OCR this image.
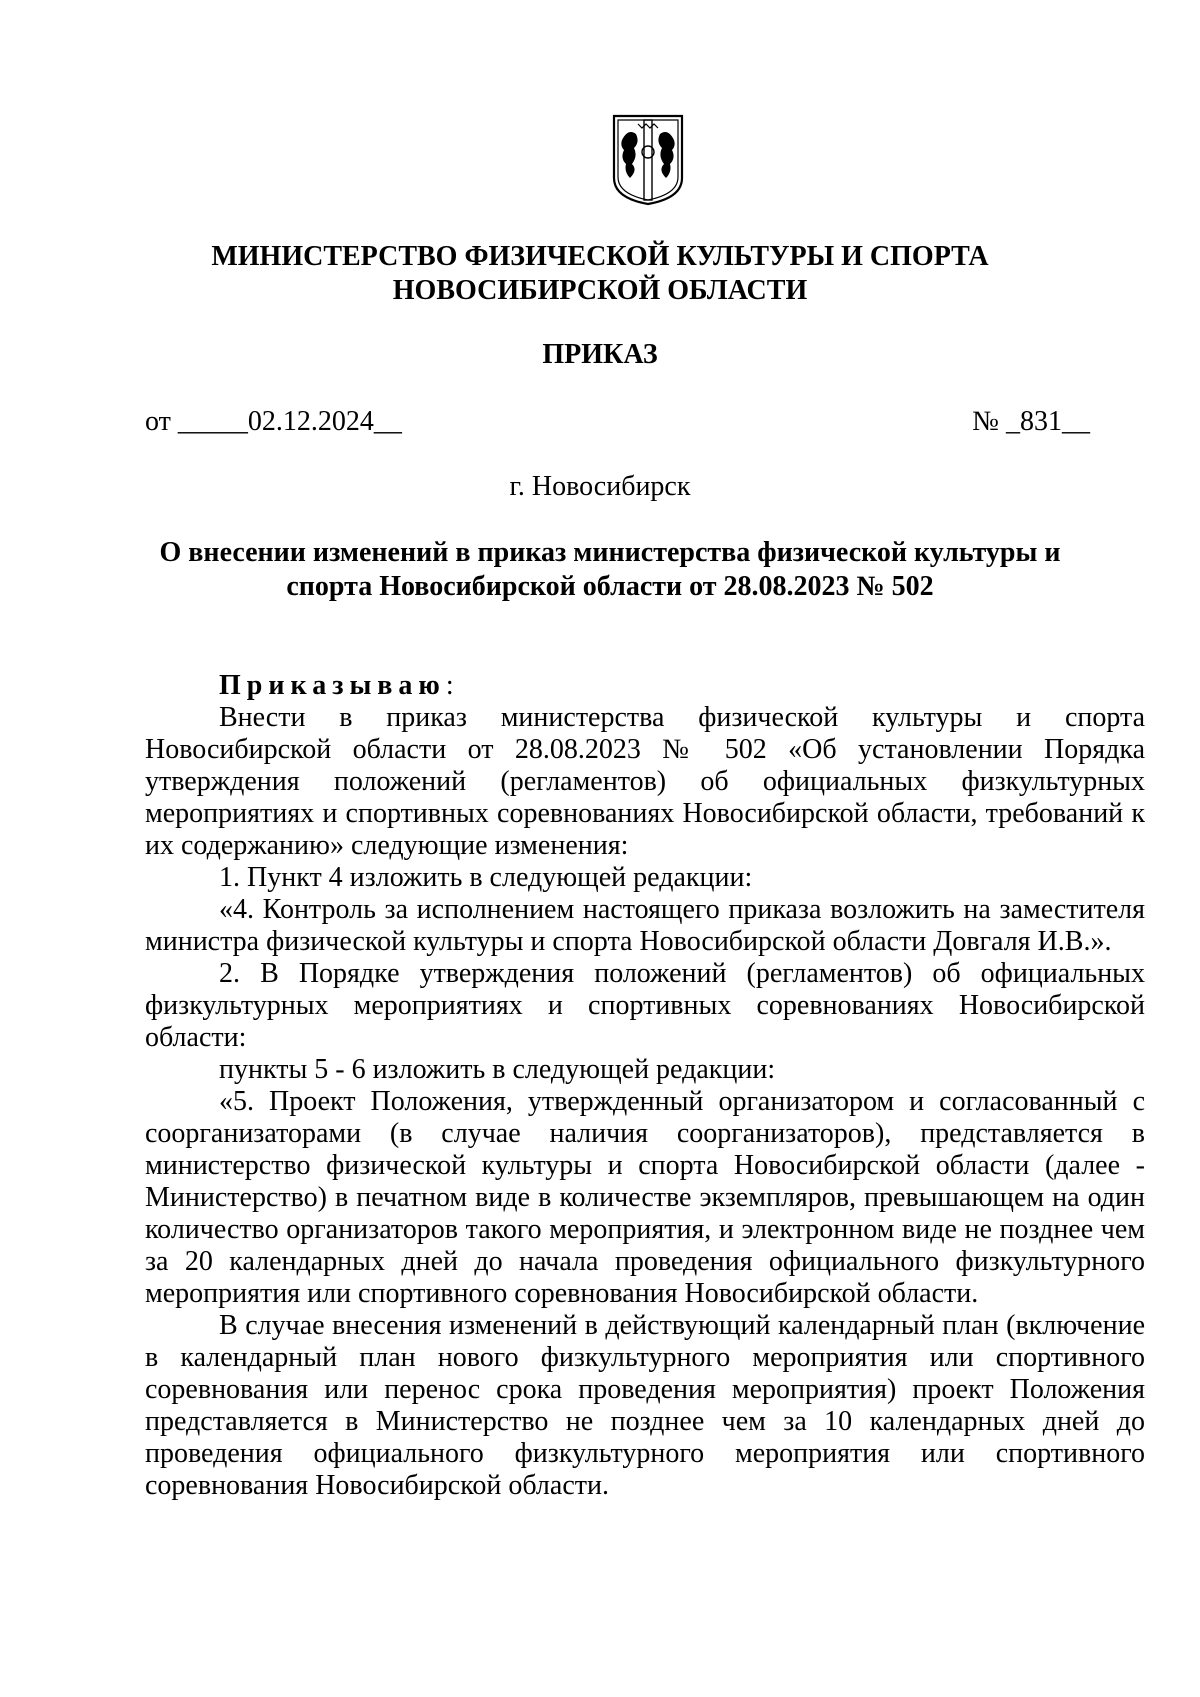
МИНИСТЕРСТВО ФИЗИЧЕСКОЙ КУЛЬТУРЫ И СПОРТА
НОВОСИБИРСКОЙ ОБЛАСТИ
ПРИКАЗ
от _____02.12.2024__	№ _831__
г. Новосибирск
О внесении изменений в приказ министерства физической культуры и
спорта Новосибирской области от 28.08.2023 № 502

Приказываю:

Внести в приказ министерства физической культуры и спорта Новосибирской области от 28.08.2023 № 502 «Об установлении Порядка утверждения положений (регламентов) об официальных физкультурных мероприятиях и спортивных соревнованиях Новосибирской области, требований к их содержанию» следующие изменения:

1. Пункт 4 изложить в следующей редакции:

«4. Контроль за исполнением настоящего приказа возложить на заместителя министра физической культуры и спорта Новосибирской области Довгаля И.В.».

2. В Порядке утверждения положений (регламентов) об официальных физкультурных мероприятиях и спортивных соревнованиях Новосибирской области:

пункты 5 - 6 изложить в следующей редакции:

«5. Проект Положения, утвержденный организатором и согласованный с соорганизаторами (в случае наличия соорганизаторов), представляется в министерство физической культуры и спорта Новосибирской области (далее - Министерство) в печатном виде в количестве экземпляров, превышающем на один количество организаторов такого мероприятия, и электронном виде не позднее чем за 20 календарных дней до начала проведения официального физкультурного мероприятия или спортивного соревнования Новосибирской области.

В случае внесения изменений в действующий календарный план (включение в календарный план нового физкультурного мероприятия или спортивного соревнования или перенос срока проведения мероприятия) проект Положения представляется в Министерство не позднее чем за 10 календарных дней до проведения официального физкультурного мероприятия или спортивного соревнования Новосибирской области.
